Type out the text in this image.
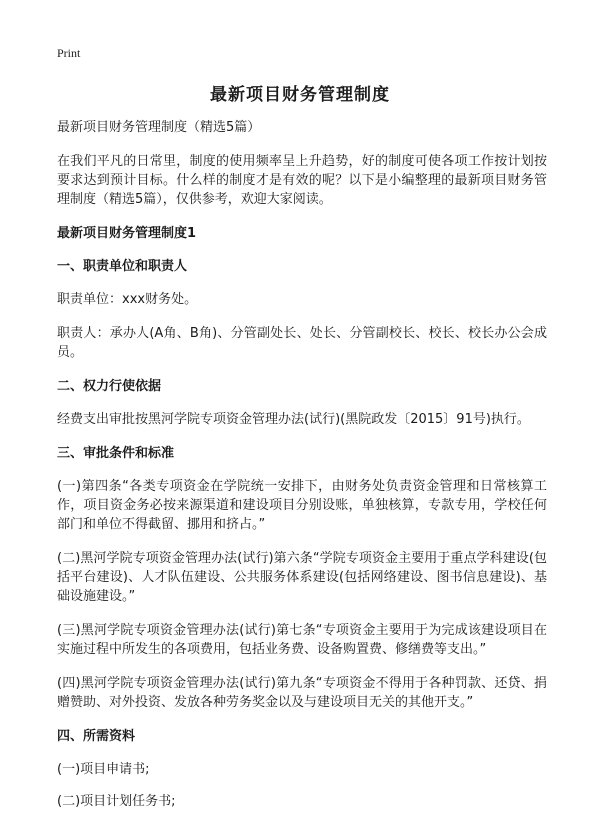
Print
最新项目财务管理制度

最新项目财务管理制度（精选5篇）

在我们平凡的日常里，制度的使用频率呈上升趋势，好的制度可使各项工作按计划按要求达到预计目标。什么样的制度才是有效的呢？以下是小编整理的最新项目财务管理制度（精选5篇），仅供参考，欢迎大家阅读。

最新项目财务管理制度1

一、职责单位和职责人

职责单位：xxx财务处。

职责人：承办人(A角、B角)、分管副处长、处长、分管副校长、校长、校长办公会成员。

二、权力行使依据

经费支出审批按黑河学院专项资金管理办法(试行)(黑院政发〔2015〕91号)执行。

三、审批条件和标准

(一)第四条“各类专项资金在学院统一安排下，由财务处负责资金管理和日常核算工作，项目资金务必按来源渠道和建设项目分别设账，单独核算，专款专用，学校任何部门和单位不得截留、挪用和挤占。”

(二)黑河学院专项资金管理办法(试行)第六条“学院专项资金主要用于重点学科建设(包括平台建设)、人才队伍建设、公共服务体系建设(包括网络建设、图书信息建设)、基础设施建设。”

(三)黑河学院专项资金管理办法(试行)第七条“专项资金主要用于为完成该建设项目在实施过程中所发生的各项费用，包括业务费、设备购置费、修缮费等支出。”

(四)黑河学院专项资金管理办法(试行)第九条“专项资金不得用于各种罚款、还贷、捐赠赞助、对外投资、发放各种劳务奖金以及与建设项目无关的其他开支。”

四、所需资料

(一)项目申请书;

(二)项目计划任务书;
